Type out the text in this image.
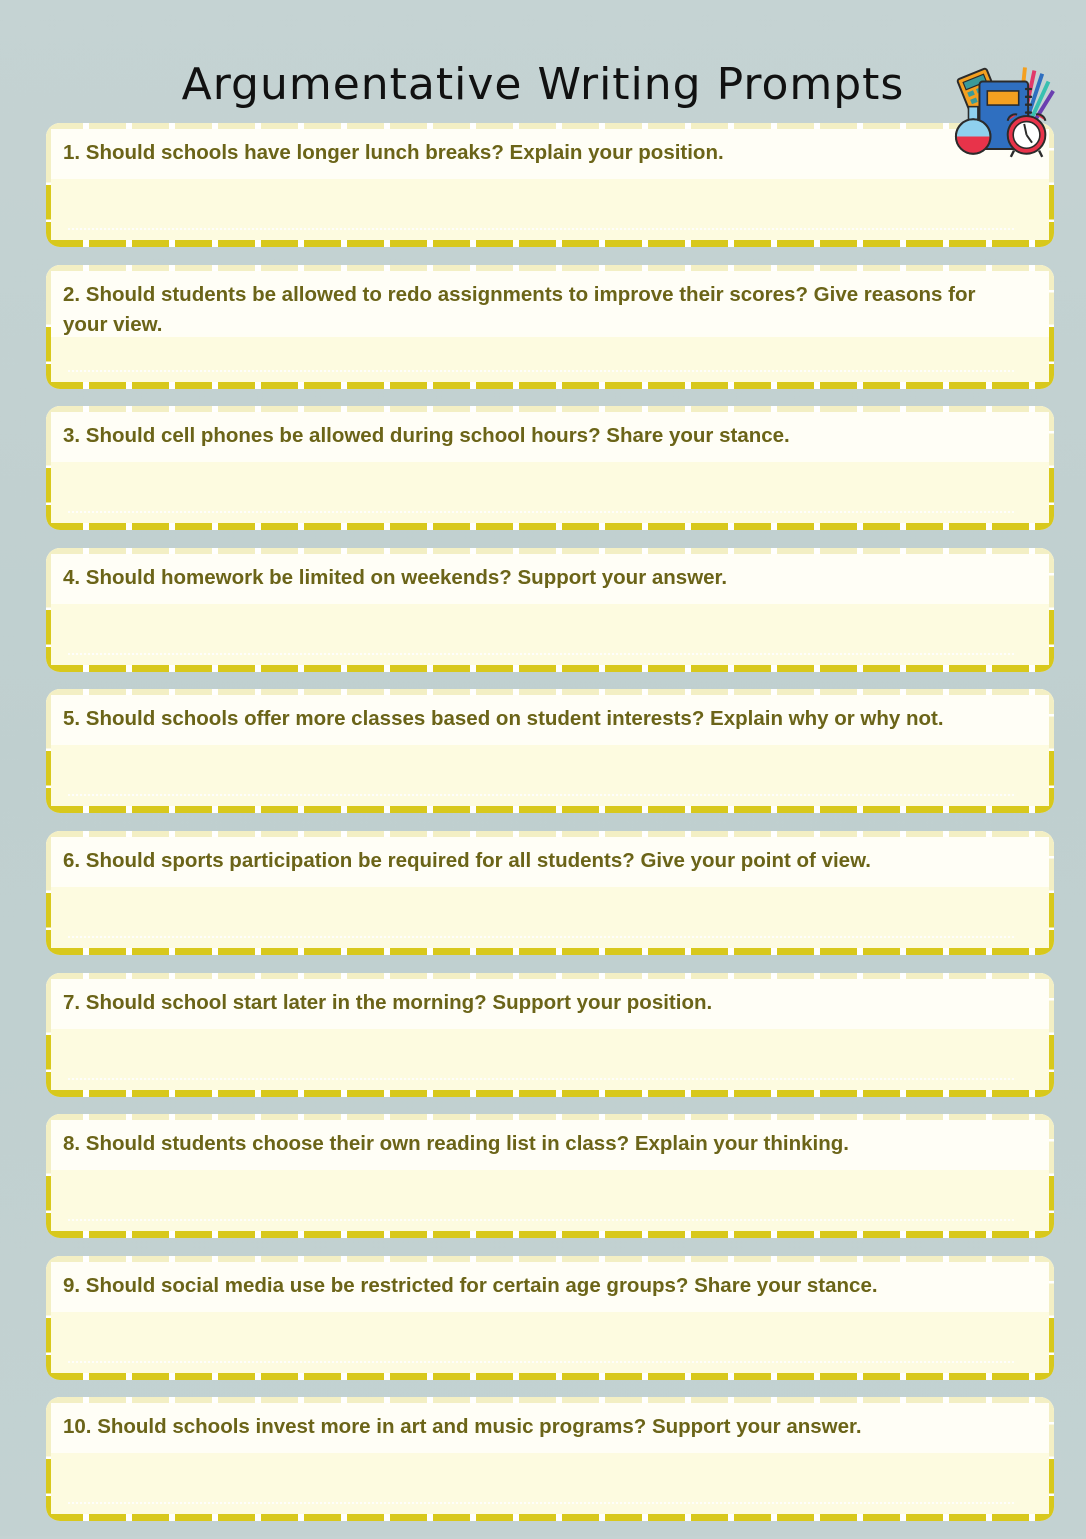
Argumentative Writing Prompts
1. Should schools have longer lunch breaks? Explain your position.
2. Should students be allowed to redo assignments to improve their scores? Give reasons for your view.
3. Should cell phones be allowed during school hours? Share your stance.
4. Should homework be limited on weekends? Support your answer.
5. Should schools offer more classes based on student interests? Explain why or why not.
6. Should sports participation be required for all students? Give your point of view.
7. Should school start later in the morning? Support your position.
8. Should students choose their own reading list in class? Explain your thinking.
9. Should social media use be restricted for certain age groups? Share your stance.
10. Should schools invest more in art and music programs? Support your answer.
